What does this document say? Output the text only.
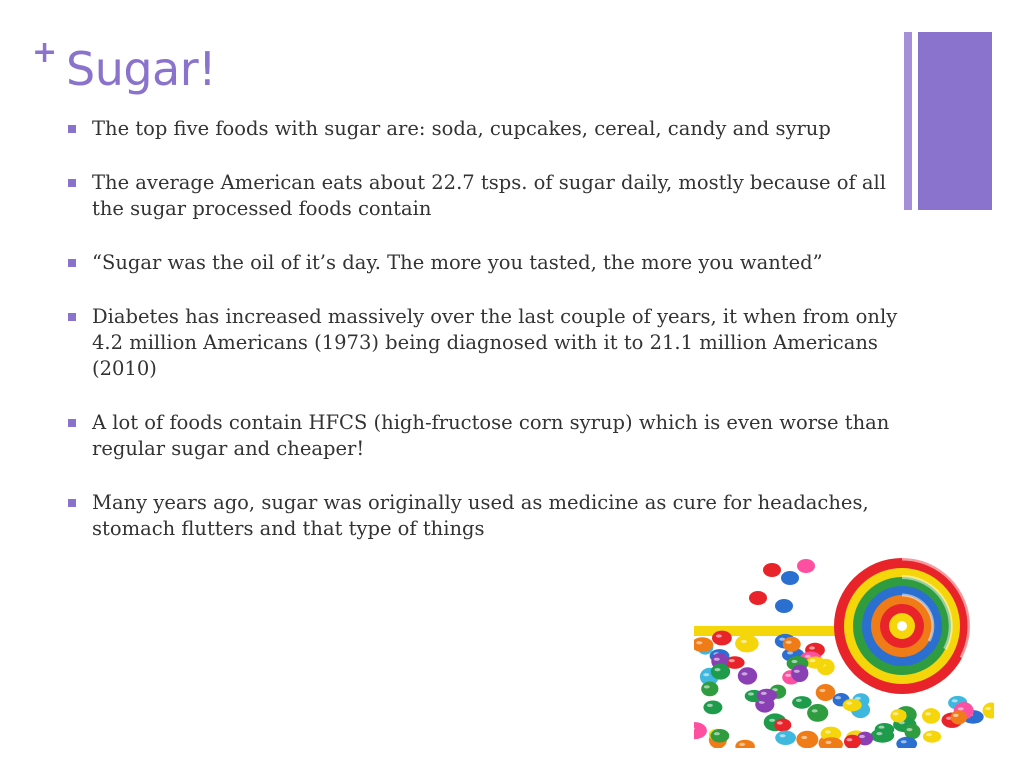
+ Sugar!
The top five foods with sugar are: soda, cupcakes, cereal, candy and syrup
The average American eats about 22.7 tsps. of sugar daily, mostly because of all the sugar processed foods contain
“Sugar was the oil of it’s day. The more you tasted, the more you wanted”
Diabetes has increased massively over the last couple of years, it when from only 4.2 million Americans (1973) being diagnosed with it to 21.1 million Americans (2010)
A lot of foods contain HFCS (high-fructose corn syrup) which is even worse than regular sugar and cheaper!
Many years ago, sugar was originally used as medicine as cure for headaches, stomach flutters and that type of things
